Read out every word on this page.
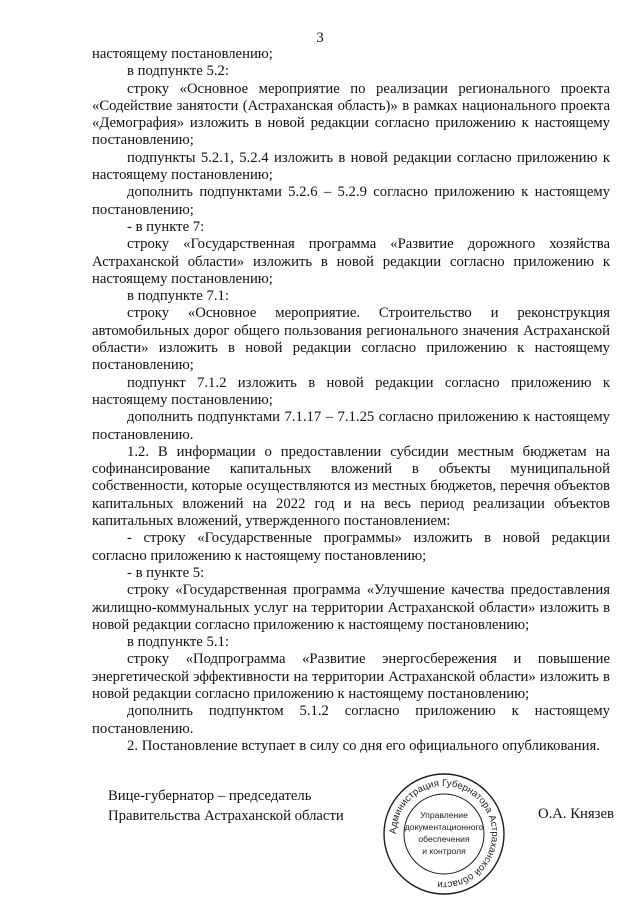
3

настоящему постановлению;

в подпункте 5.2:

строку «Основное мероприятие по реализации регионального проекта «Содействие занятости (Астраханская область)» в рамках национального проекта «Демография» изложить в новой редакции согласно приложению к настоящему постановлению;

подпункты 5.2.1, 5.2.4 изложить в новой редакции согласно приложению к настоящему постановлению;

дополнить подпунктами 5.2.6 – 5.2.9 согласно приложению к настоящему постановлению;

- в пункте 7:

строку «Государственная программа «Развитие дорожного хозяйства Астраханской области» изложить в новой редакции согласно приложению к настоящему постановлению;

в подпункте 7.1:

строку «Основное мероприятие. Строительство и реконструкция автомобильных дорог общего пользования регионального значения Астраханской области» изложить в новой редакции согласно приложению к настоящему постановлению;

подпункт 7.1.2 изложить в новой редакции согласно приложению к настоящему постановлению;

дополнить подпунктами 7.1.17 – 7.1.25 согласно приложению к настоящему постановлению.

1.2. В информации о предоставлении субсидии местным бюджетам на софинансирование капитальных вложений в объекты муниципальной собственности, которые осуществляются из местных бюджетов, перечня объектов капитальных вложений на 2022 год и на весь период реализации объектов капитальных вложений, утвержденного постановлением:

- строку «Государственные программы» изложить в новой редакции согласно приложению к настоящему постановлению;

- в пункте 5:

строку «Государственная программа «Улучшение качества предоставления жилищно-коммунальных услуг на территории Астраханской области» изложить в новой редакции согласно приложению к настоящему постановлению;

в подпункте 5.1:

строку «Подпрограмма «Развитие энергосбережения и повышение энергетической эффективности на территории Астраханской области» изложить в новой редакции согласно приложению к настоящему постановлению;

дополнить подпунктом 5.1.2 согласно приложению к настоящему постановлению.

2. Постановление вступает в силу со дня его официального опубликования.

Вице-губернатор – председатель
Правительства Астраханской области
Администрация Губернатора Астраханской области
Управление
документационного
обеспечения
и контроля
О.А. Князев
